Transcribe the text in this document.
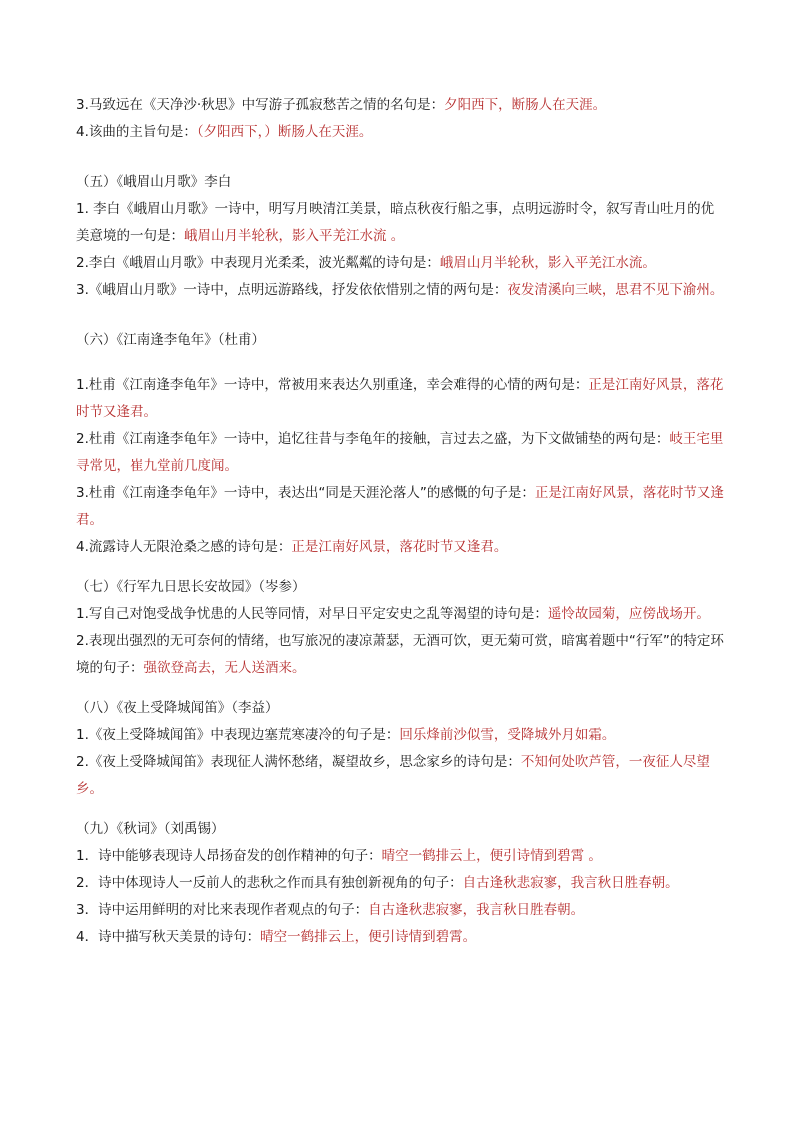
3.马致远在《天净沙·秋思》中写游子孤寂愁苦之情的名句是：夕阳西下，断肠人在天涯。

4.该曲的主旨句是：（夕阳西下，）断肠人在天涯。

（五）《峨眉山月歌》李白

1. 李白《峨眉山月歌》一诗中，明写月映清江美景，暗点秋夜行船之事，点明远游时令，叙写青山吐月的优美意境的一句是：峨眉山月半轮秋，影入平羌江水流 。

2.李白《峨眉山月歌》中表现月光柔柔，波光粼粼的诗句是：峨眉山月半轮秋，影入平羌江水流。

3.《峨眉山月歌》一诗中，点明远游路线，抒发依依惜别之情的两句是：夜发清溪向三峡，思君不见下渝州。

（六）《江南逢李龟年》（杜甫）

1.杜甫《江南逢李龟年》一诗中，常被用来表达久别重逢，幸会难得的心情的两句是：正是江南好风景，落花时节又逢君。

2.杜甫《江南逢李龟年》一诗中，追忆往昔与李龟年的接触，言过去之盛，为下文做铺垫的两句是：岐王宅里寻常见，崔九堂前几度闻。

3.杜甫《江南逢李龟年》一诗中，表达出“同是天涯沦落人”的感慨的句子是：正是江南好风景，落花时节又逢君。

4.流露诗人无限沧桑之感的诗句是：正是江南好风景，落花时节又逢君。

（七）《行军九日思长安故园》（岑参）

1.写自己对饱受战争忧患的人民等同情，对早日平定安史之乱等渴望的诗句是：遥怜故园菊，应傍战场开。

2.表现出强烈的无可奈何的情绪，也写旅况的凄凉萧瑟，无酒可饮，更无菊可赏，暗寓着题中“行军”的特定环境的句子：强欲登高去，无人送酒来。

（八）《夜上受降城闻笛》（李益）

1.《夜上受降城闻笛》中表现边塞荒寒凄冷的句子是：回乐烽前沙似雪，受降城外月如霜。

2.《夜上受降城闻笛》表现征人满怀愁绪，凝望故乡，思念家乡的诗句是：不知何处吹芦管，一夜征人尽望乡。

（九）《秋词》（刘禹锡）

1．诗中能够表现诗人昂扬奋发的创作精神的句子：晴空一鹤排云上，便引诗情到碧霄 。

2．诗中体现诗人一反前人的悲秋之作而具有独创新视角的句子：自古逢秋悲寂寥，我言秋日胜春朝。

3．诗中运用鲜明的对比来表现作者观点的句子：自古逢秋悲寂寥，我言秋日胜春朝。

4．诗中描写秋天美景的诗句：晴空一鹤排云上，便引诗情到碧霄。
